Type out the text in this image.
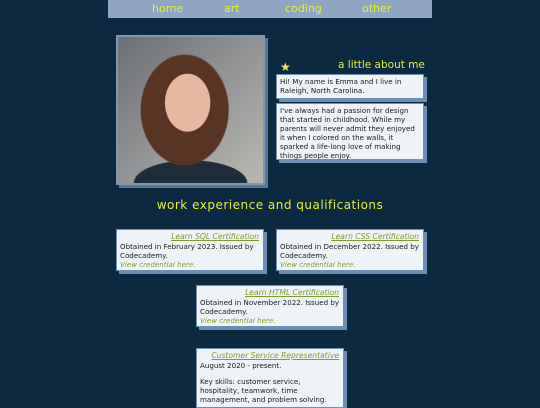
home	art	coding	other
★	a little about me
Hi! My name is Emma and I live in Raleigh, North Carolina.
I've always had a passion for design that started in childhood. While my parents will never admit they enjoyed it when I colored on the walls, it sparked a life-long love of making things people enjoy.
work experience and qualifications
Learn SQL Certification
Obtained in February 2023. Issued by Codecademy.
View credential here.
Learn CSS Certification
Obtained in December 2022. Issued by Codecademy.
View credential here.
Learn HTML Certification
Obtained in November 2022. Issued by Codecademy.
View credential here.
Customer Service Representative
August 2020 - present.
Key skills: customer service, hospitality, teamwork, time management, and problem solving.
